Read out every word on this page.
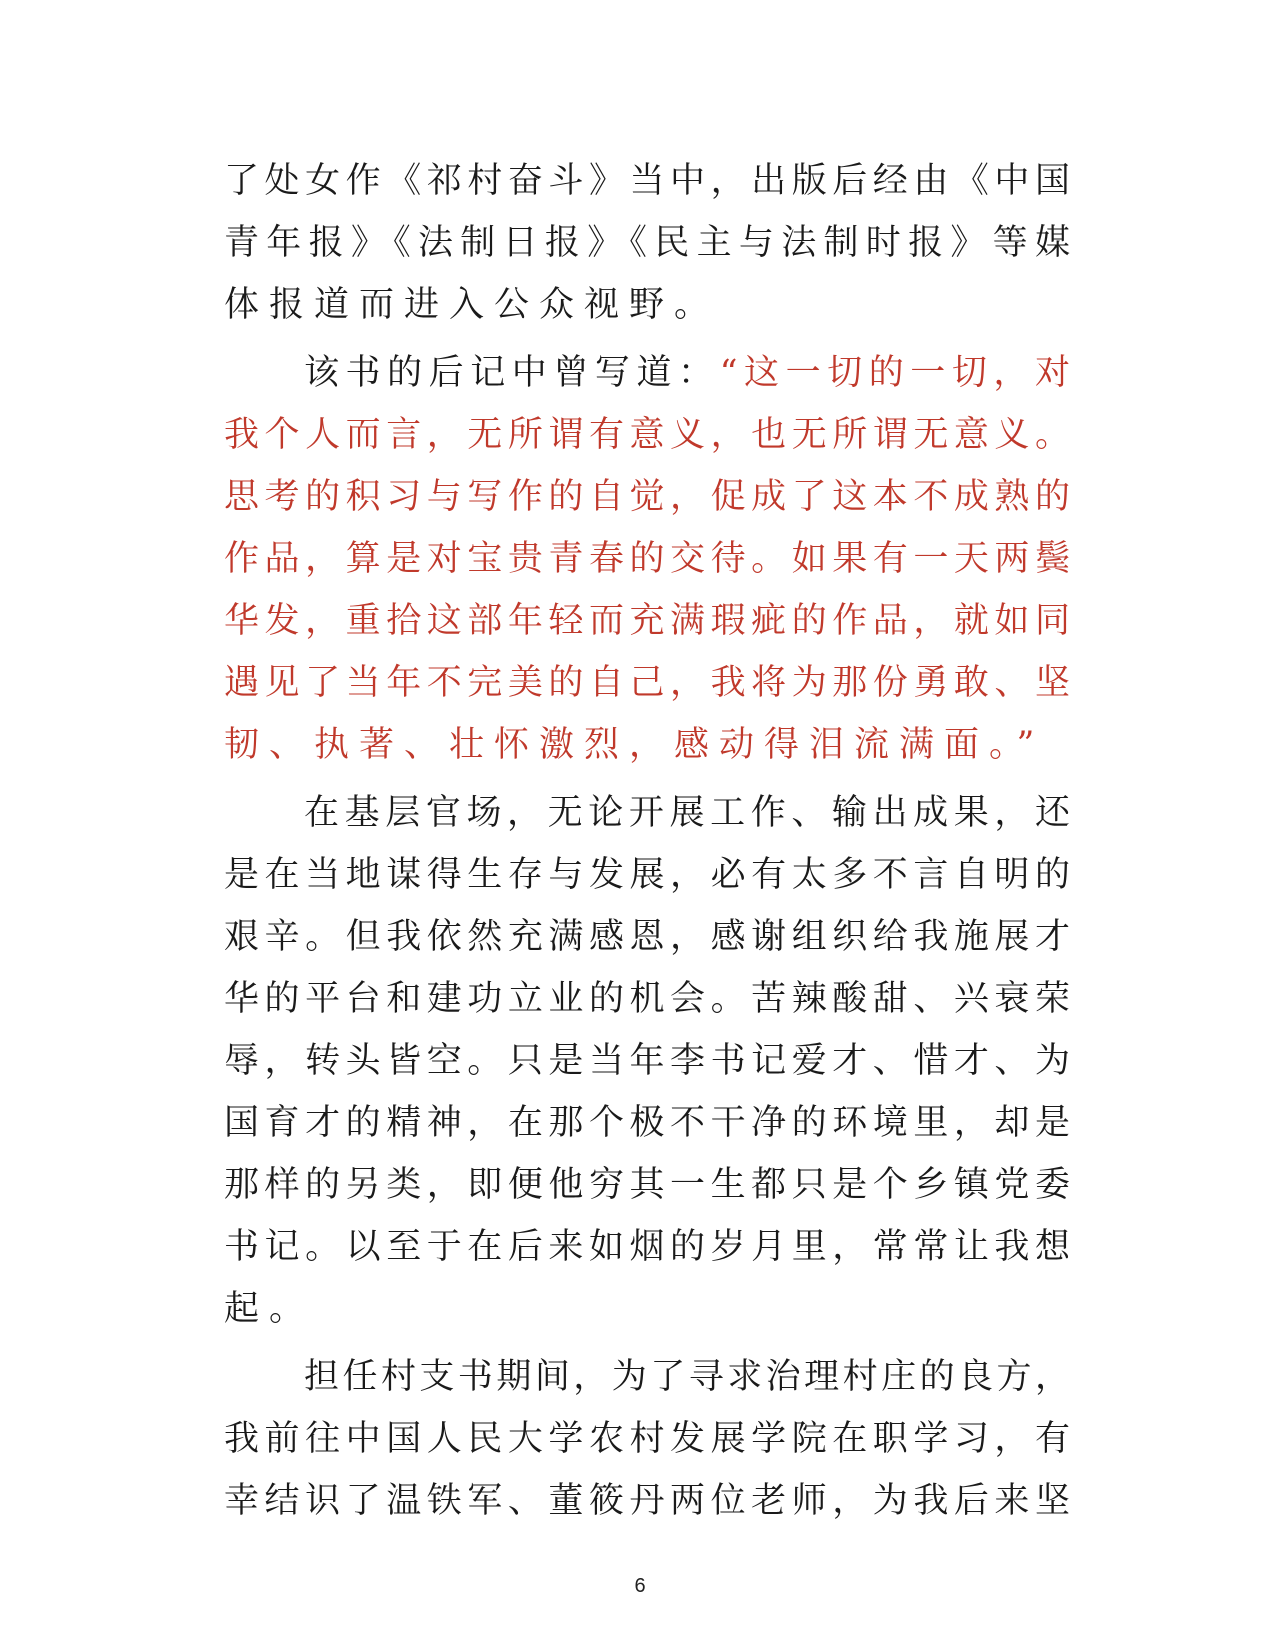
了处女作《祁村奋斗》当中，出版后经由《中国
青年报》《法制日报》《民主与法制时报》等媒
体报道而进入公众视野。
该书的后记中曾写道：“这一切的一切，对
我个人而言，无所谓有意义，也无所谓无意义。
思考的积习与写作的自觉，促成了这本不成熟的
作品，算是对宝贵青春的交待。如果有一天两鬓
华发，重拾这部年轻而充满瑕疵的作品，就如同
遇见了当年不完美的自己，我将为那份勇敢、坚
韧、执著、壮怀激烈，感动得泪流满面。”
在基层官场，无论开展工作、输出成果，还
是在当地谋得生存与发展，必有太多不言自明的
艰辛。但我依然充满感恩，感谢组织给我施展才
华的平台和建功立业的机会。苦辣酸甜、兴衰荣
辱，转头皆空。只是当年李书记爱才、惜才、为
国育才的精神，在那个极不干净的环境里，却是
那样的另类，即便他穷其一生都只是个乡镇党委
书记。以至于在后来如烟的岁月里，常常让我想
起。
担任村支书期间，为了寻求治理村庄的良方，
我前往中国人民大学农村发展学院在职学习，有
幸结识了温铁军、董筱丹两位老师，为我后来坚
6
